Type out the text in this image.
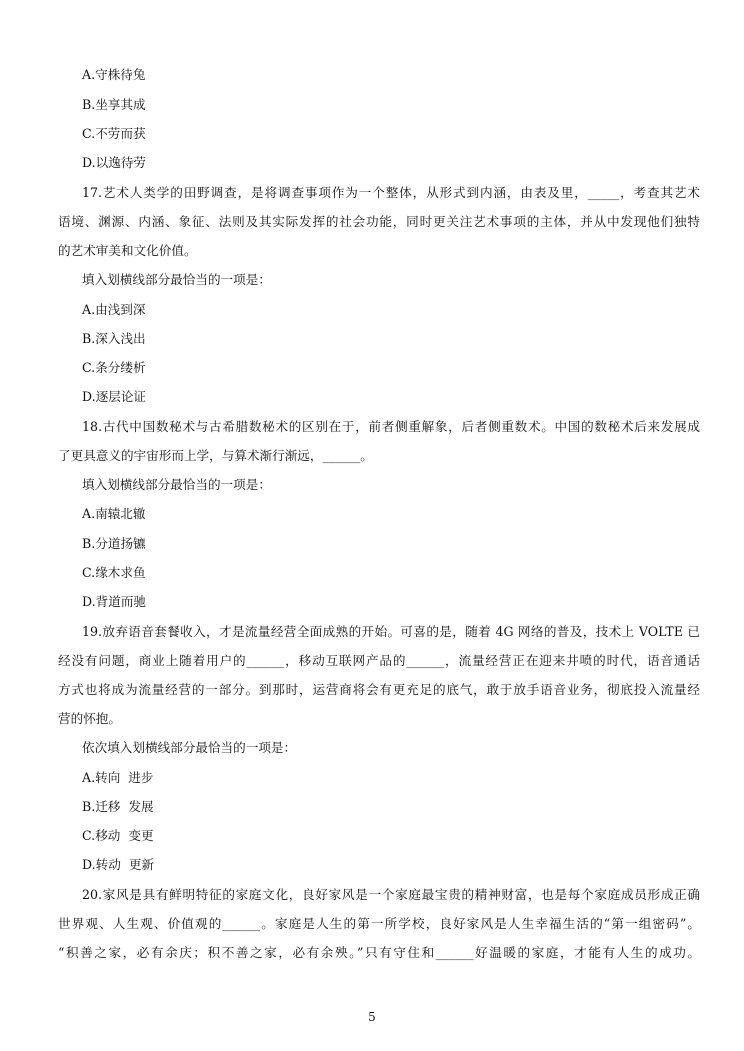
A.守株待兔
B.坐享其成
C.不劳而获
D.以逸待劳
17.艺术人类学的田野调查，是将调查事项作为一个整体，从形式到内涵，由表及里，_____，考查其艺术
语境、渊源、内涵、象征、法则及其实际发挥的社会功能，同时更关注艺术事项的主体，并从中发现他们独特
的艺术审美和文化价值。
填入划横线部分最恰当的一项是：
A.由浅到深
B.深入浅出
C.条分缕析
D.逐层论证
18.古代中国数秘术与古希腊数秘术的区别在于，前者侧重解象，后者侧重数术。中国的数秘术后来发展成
了更具意义的宇宙形而上学，与算术渐行渐远，______。
填入划横线部分最恰当的一项是：
A.南辕北辙
B.分道扬镳
C.缘木求鱼
D.背道而驰
19.放弃语音套餐收入，才是流量经营全面成熟的开始。可喜的是，随着 4G 网络的普及，技术上 VOLTE 已
经没有问题，商业上随着用户的______，移动互联网产品的______，流量经营正在迎来井喷的时代，语音通话
方式也将成为流量经营的一部分。到那时，运营商将会有更充足的底气，敢于放手语音业务，彻底投入流量经
营的怀抱。
依次填入划横线部分最恰当的一项是：
A.转向  进步
B.迁移  发展
C.移动  变更
D.转动  更新
20.家风是具有鲜明特征的家庭文化，良好家风是一个家庭最宝贵的精神财富，也是每个家庭成员形成正确
世界观、人生观、价值观的______。家庭是人生的第一所学校，良好家风是人生幸福生活的“第一组密码”。
“积善之家，必有余庆；积不善之家，必有余殃。”只有守住和______好温暖的家庭，才能有人生的成功。
5
